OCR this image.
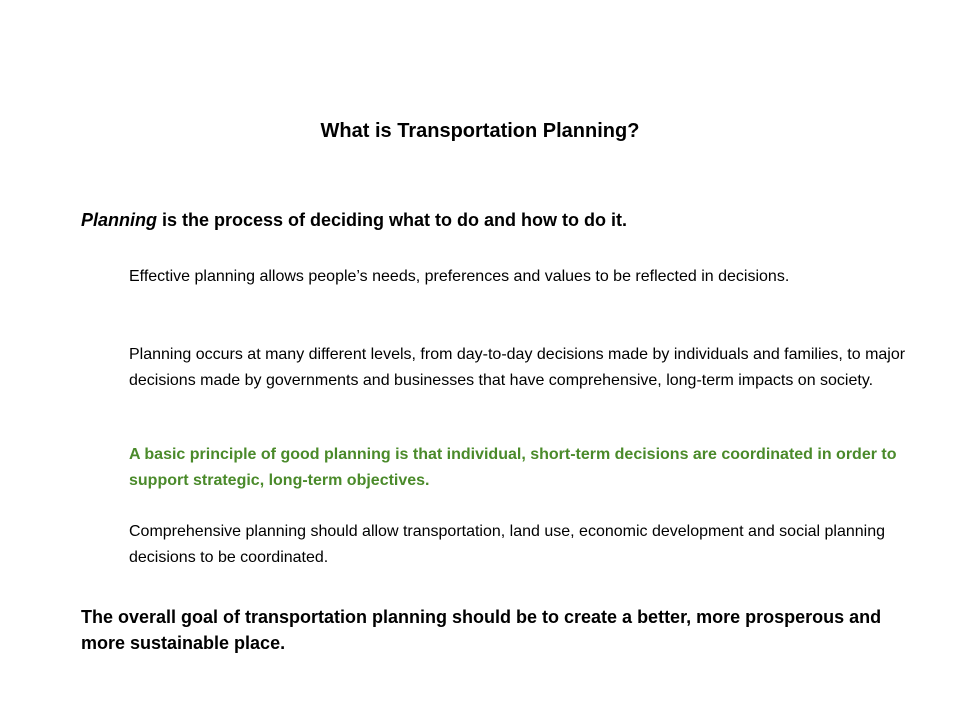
What is Transportation Planning?

Planning is the process of deciding what to do and how to do it.

Effective planning allows people’s needs, preferences and values to be reflected in decisions.

Planning occurs at many different levels, from day-to-day decisions made by individuals and families, to major decisions made by governments and businesses that have comprehensive, long-term impacts on society.

A basic principle of good planning is that individual, short-term decisions are coordinated in order to support strategic, long-term objectives.

Comprehensive planning should allow transportation, land use, economic development and social planning decisions to be coordinated.

The overall goal of transportation planning should be to create a better, more prosperous and more sustainable place.
